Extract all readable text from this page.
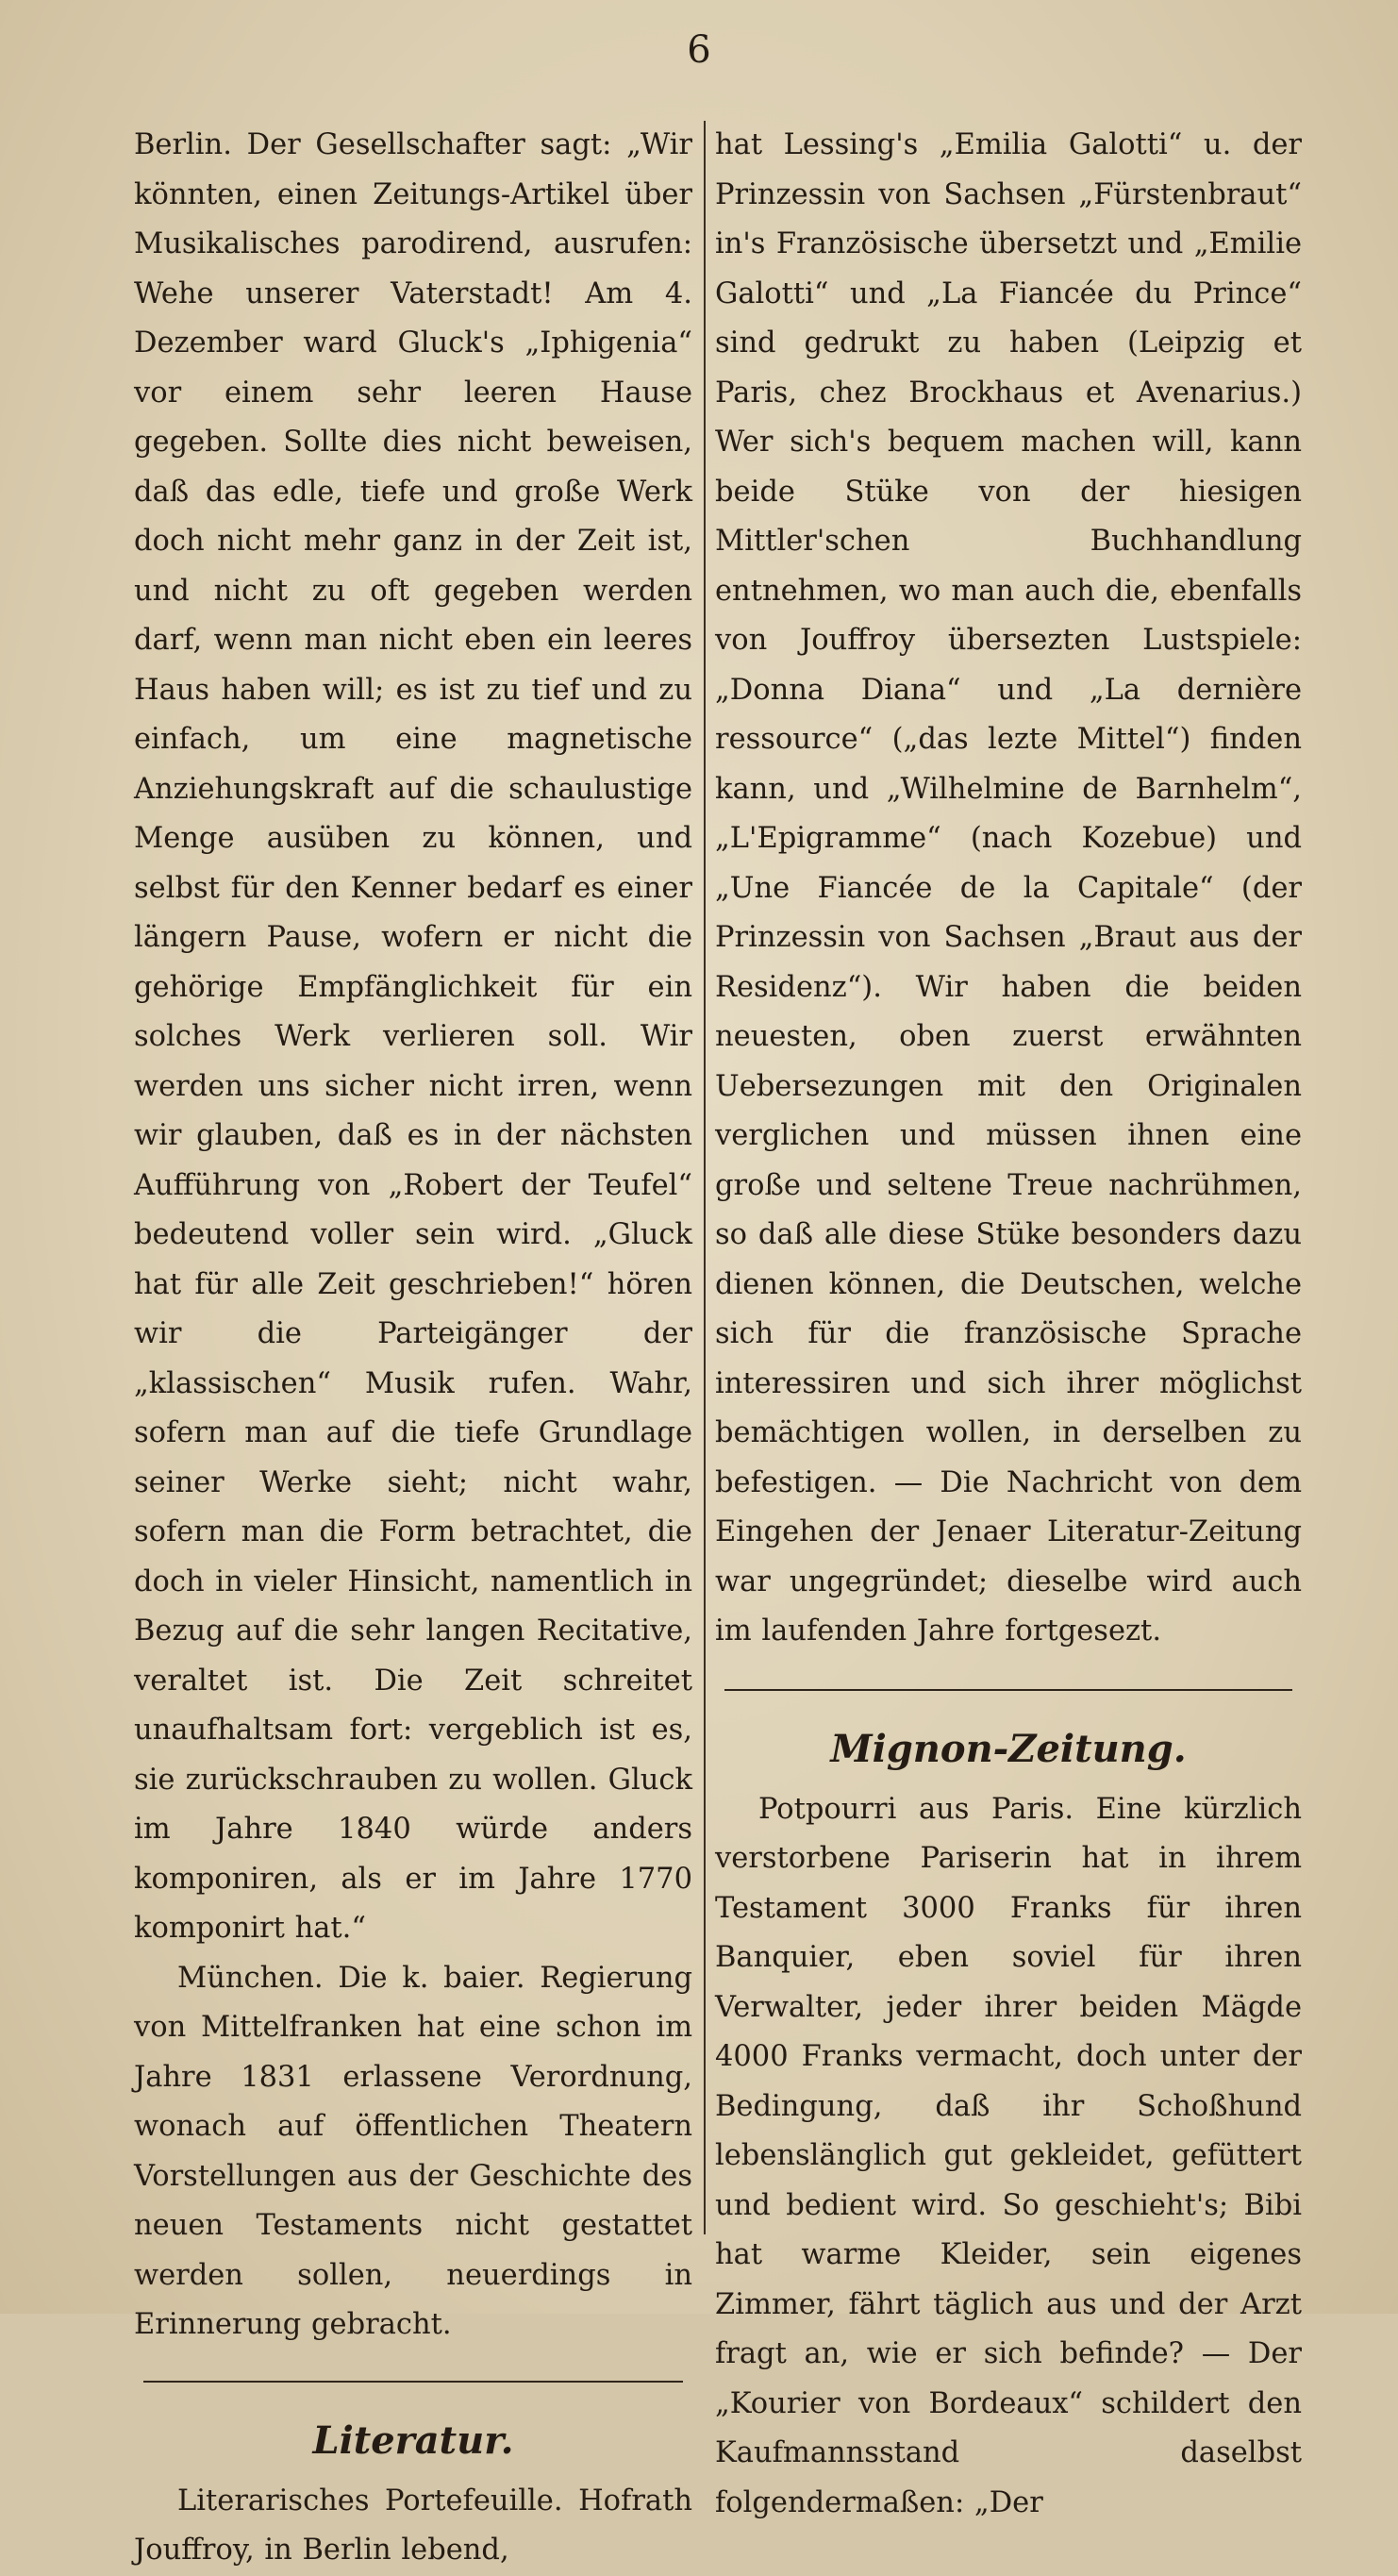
6

Berlin. Der Gesellschafter sagt: „Wir könnten, einen Zeitungs-Artikel über Musikalisches parodirend, ausrufen: Wehe unserer Vaterstadt! Am 4. Dezember ward Gluck's „Iphigenia“ vor einem sehr leeren Hause gegeben. Sollte dies nicht beweisen, daß das edle, tiefe und große Werk doch nicht mehr ganz in der Zeit ist, und nicht zu oft gegeben werden darf, wenn man nicht eben ein leeres Haus haben will; es ist zu tief und zu einfach, um eine magnetische Anziehungskraft auf die schaulustige Menge ausüben zu können, und selbst für den Kenner bedarf es einer längern Pause, wofern er nicht die gehörige Empfänglichkeit für ein solches Werk verlieren soll. Wir werden uns sicher nicht irren, wenn wir glauben, daß es in der nächsten Aufführung von „Robert der Teufel“ bedeutend voller sein wird. „Gluck hat für alle Zeit geschrieben!“ hören wir die Parteigänger der „klassischen“ Musik rufen. Wahr, sofern man auf die tiefe Grundlage seiner Werke sieht; nicht wahr, sofern man die Form betrachtet, die doch in vieler Hinsicht, namentlich in Bezug auf die sehr langen Recitative, veraltet ist. Die Zeit schreitet unaufhaltsam fort: vergeblich ist es, sie zurückschrauben zu wollen. Gluck im Jahre 1840 würde anders komponiren, als er im Jahre 1770 komponirt hat.“

München. Die k. baier. Regierung von Mittelfranken hat eine schon im Jahre 1831 erlassene Verordnung, wonach auf öffentlichen Theatern Vorstellungen aus der Geschichte des neuen Testaments nicht gestattet werden sollen, neuerdings in Erinnerung gebracht.

Literatur.

Literarisches Portefeuille. Hofrath Jouffroy, in Berlin lebend,

hat Lessing's „Emilia Galotti“ u. der Prinzessin von Sachsen „Fürstenbraut“ in's Französische übersetzt und „Emilie Galotti“ und „La Fiancée du Prince“ sind gedrukt zu haben (Leipzig et Paris, chez Brockhaus et Avenarius.) Wer sich's bequem machen will, kann beide Stüke von der hiesigen Mittler'schen Buchhandlung entnehmen, wo man auch die, ebenfalls von Jouffroy übersezten Lustspiele: „Donna Diana“ und „La dernière ressource“ („das lezte Mittel“) finden kann, und „Wilhelmine de Barnhelm“, „L'Epigramme“ (nach Kozebue) und „Une Fiancée de la Capitale“ (der Prinzessin von Sachsen „Braut aus der Residenz“). Wir haben die beiden neuesten, oben zuerst erwähnten Uebersezungen mit den Originalen verglichen und müssen ihnen eine große und seltene Treue nachrühmen, so daß alle diese Stüke besonders dazu dienen können, die Deutschen, welche sich für die französische Sprache interessiren und sich ihrer möglichst bemächtigen wollen, in derselben zu befestigen. — Die Nachricht von dem Eingehen der Jenaer Literatur-Zeitung war ungegründet; dieselbe wird auch im laufenden Jahre fortgesezt.

Mignon-Zeitung.

Potpourri aus Paris. Eine kürzlich verstorbene Pariserin hat in ihrem Testament 3000 Franks für ihren Banquier, eben soviel für ihren Verwalter, jeder ihrer beiden Mägde 4000 Franks vermacht, doch unter der Bedingung, daß ihr Schoßhund lebenslänglich gut gekleidet, gefüttert und bedient wird. So geschieht's; Bibi hat warme Kleider, sein eigenes Zimmer, fährt täglich aus und der Arzt fragt an, wie er sich befinde? — Der „Kourier von Bordeaux“ schildert den Kaufmannsstand daselbst folgendermaßen: „Der
